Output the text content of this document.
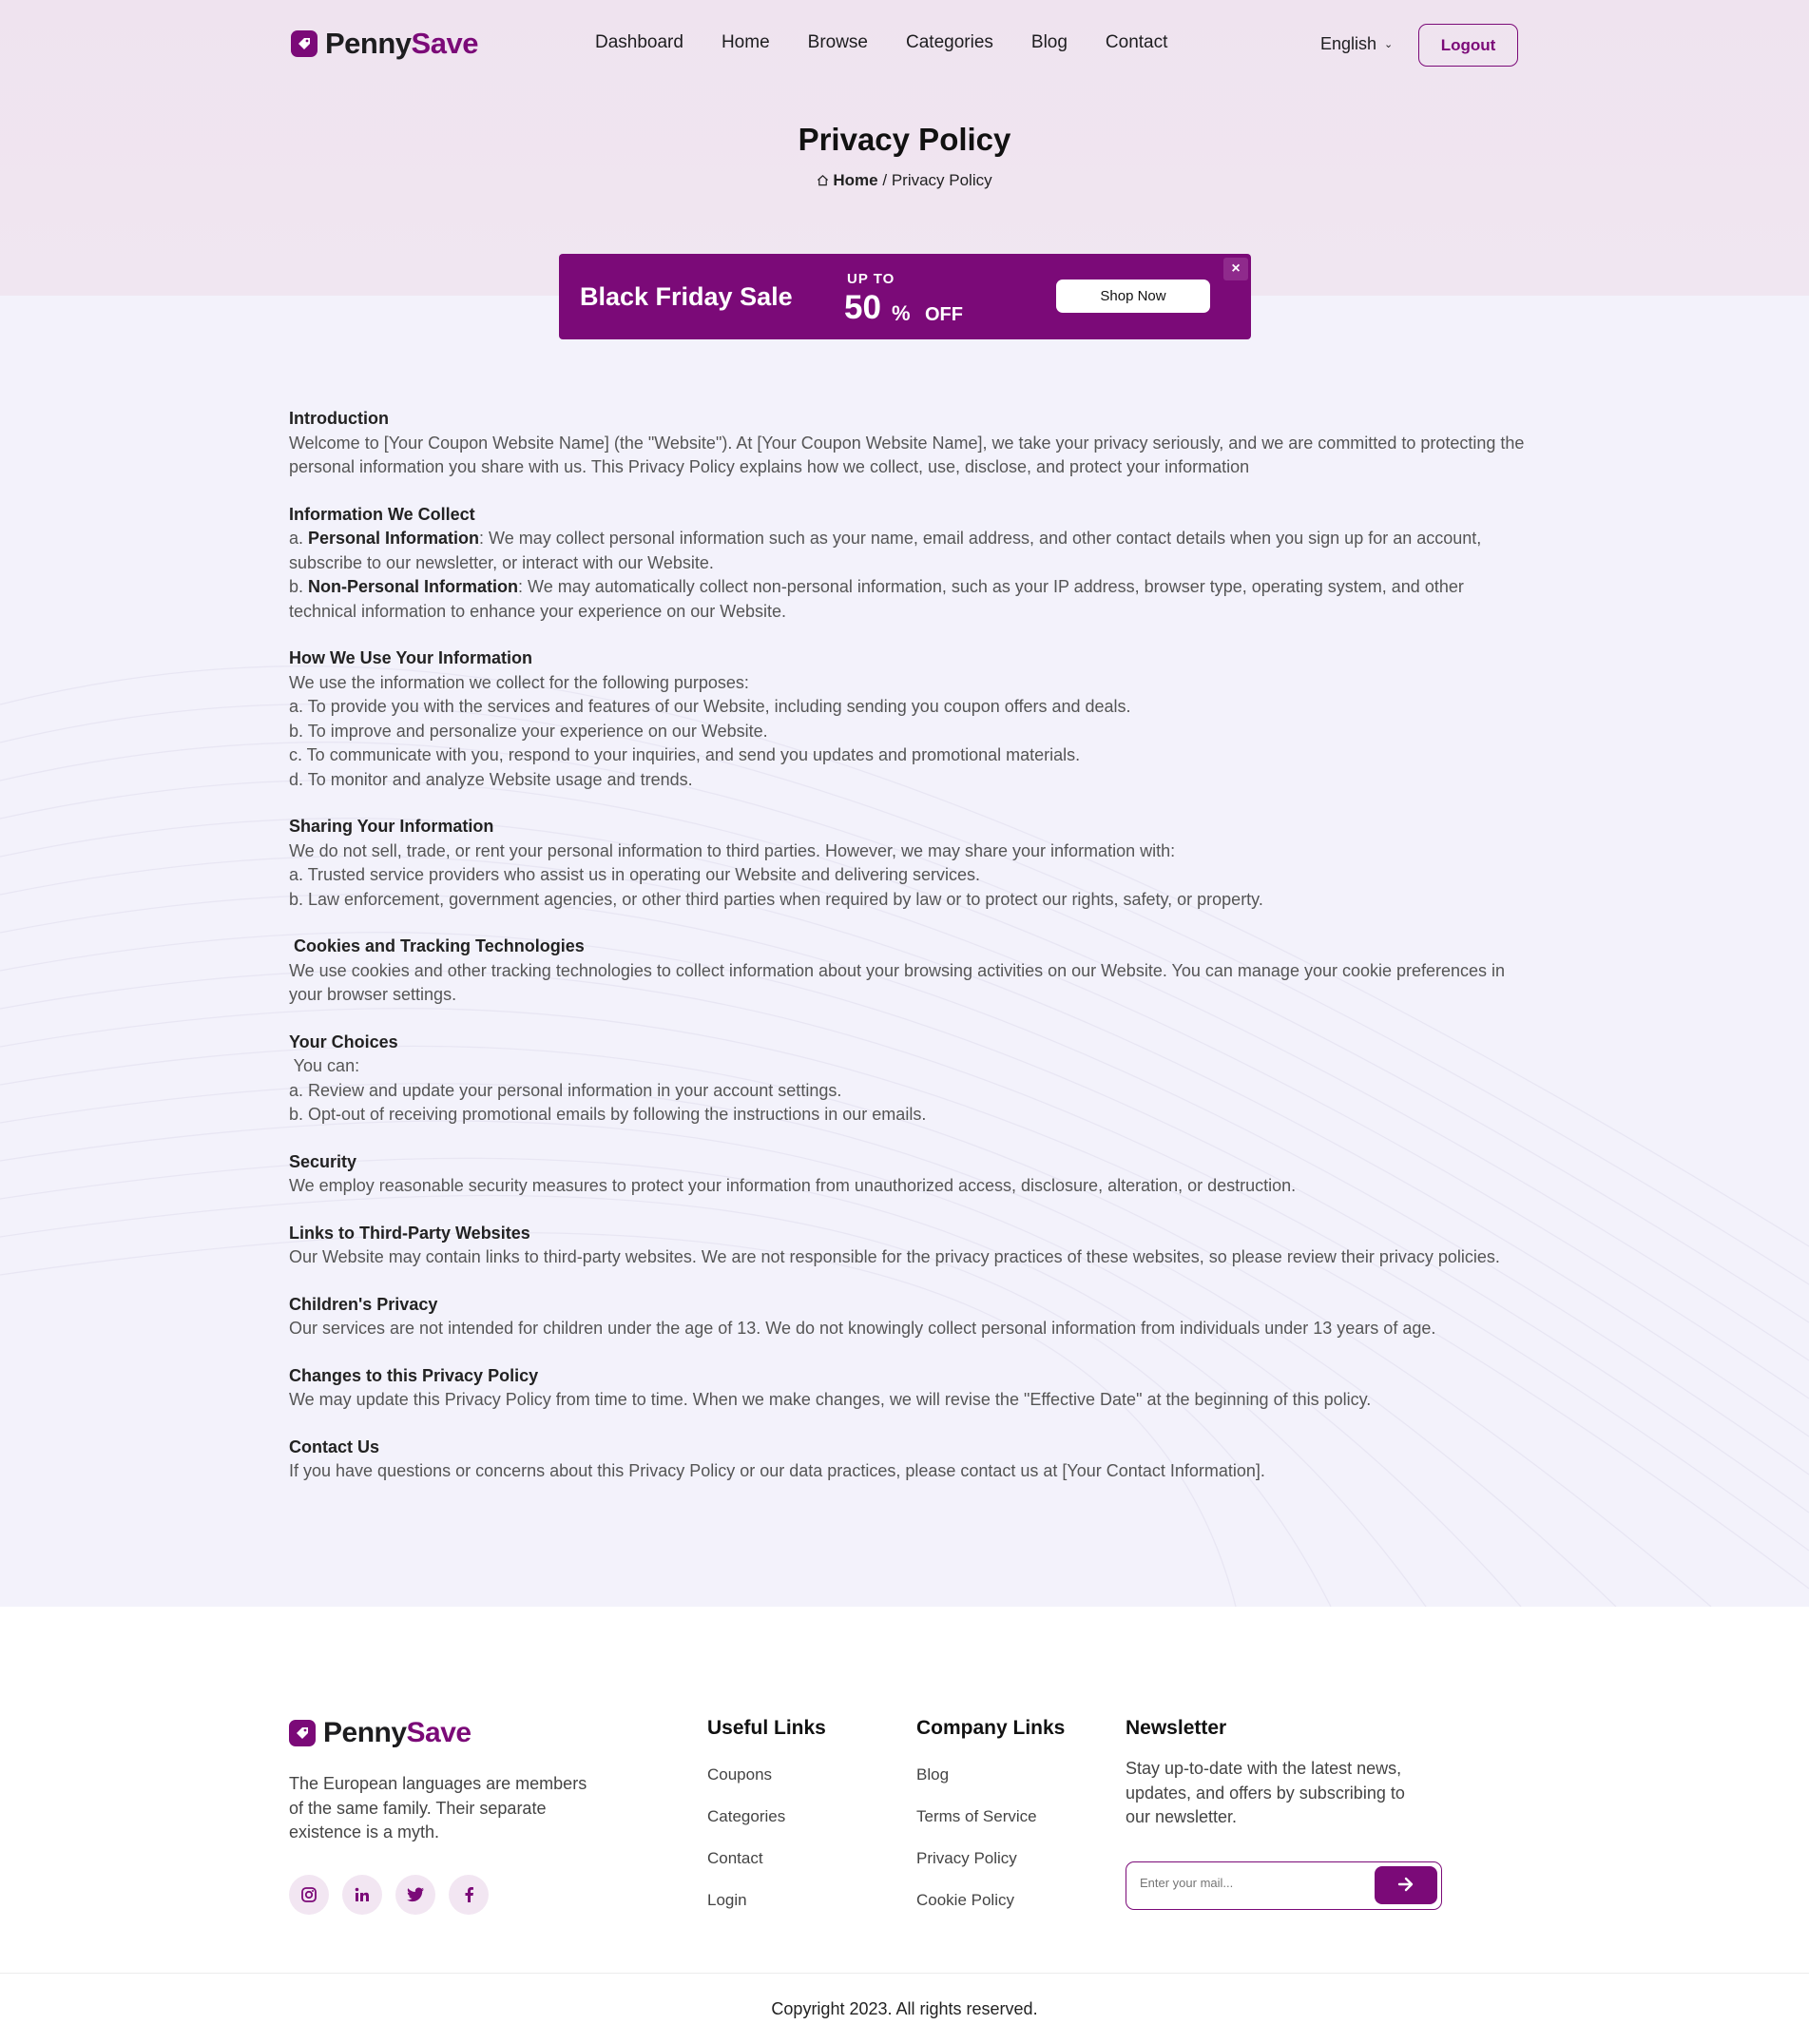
PennySave	Dashboard Home Browse Categories Blog Contact	English ⌄	Logout
Privacy Policy
Home / Privacy Policy
Black Friday Sale
UP TO
50 % OFF
Shop Now
×
Introduction

Welcome to [Your Coupon Website Name] (the "Website"). At [Your Coupon Website Name], we take your privacy seriously, and we are committed to protecting the personal information you share with us. This Privacy Policy explains how we collect, use, disclose, and protect your information

Information We Collect

a. Personal Information: We may collect personal information such as your name, email address, and other contact details when you sign up for an account, subscribe to our newsletter, or interact with our Website.

b. Non-Personal Information: We may automatically collect non-personal information, such as your IP address, browser type, operating system, and other technical information to enhance your experience on our Website.

How We Use Your Information

We use the information we collect for the following purposes:

a. To provide you with the services and features of our Website, including sending you coupon offers and deals.

b. To improve and personalize your experience on our Website.

c. To communicate with you, respond to your inquiries, and send you updates and promotional materials.

d. To monitor and analyze Website usage and trends.

Sharing Your Information

We do not sell, trade, or rent your personal information to third parties. However, we may share your information with:

a. Trusted service providers who assist us in operating our Website and delivering services.

b. Law enforcement, government agencies, or other third parties when required by law or to protect our rights, safety, or property.

Cookies and Tracking Technologies

We use cookies and other tracking technologies to collect information about your browsing activities on our Website. You can manage your cookie preferences in your browser settings.

Your Choices

You can:

a. Review and update your personal information in your account settings.

b. Opt-out of receiving promotional emails by following the instructions in our emails.

Security

We employ reasonable security measures to protect your information from unauthorized access, disclosure, alteration, or destruction.

Links to Third-Party Websites

Our Website may contain links to third-party websites. We are not responsible for the privacy practices of these websites, so please review their privacy policies.

Children's Privacy

Our services are not intended for children under the age of 13. We do not knowingly collect personal information from individuals under 13 years of age.

Changes to this Privacy Policy

We may update this Privacy Policy from time to time. When we make changes, we will revise the "Effective Date" at the beginning of this policy.

Contact Us

If you have questions or concerns about this Privacy Policy or our data practices, please contact us at [Your Contact Information].

PennySave

The European languages are members of the same family. Their separate existence is a myth.

Useful Links
Coupons
Categories
Contact
Login
Company Links
Blog
Terms of Service
Privacy Policy
Cookie Policy
Newsletter

Stay up-to-date with the latest news, updates, and offers by subscribing to our newsletter.

Enter your mail...
Copyright 2023. All rights reserved.
